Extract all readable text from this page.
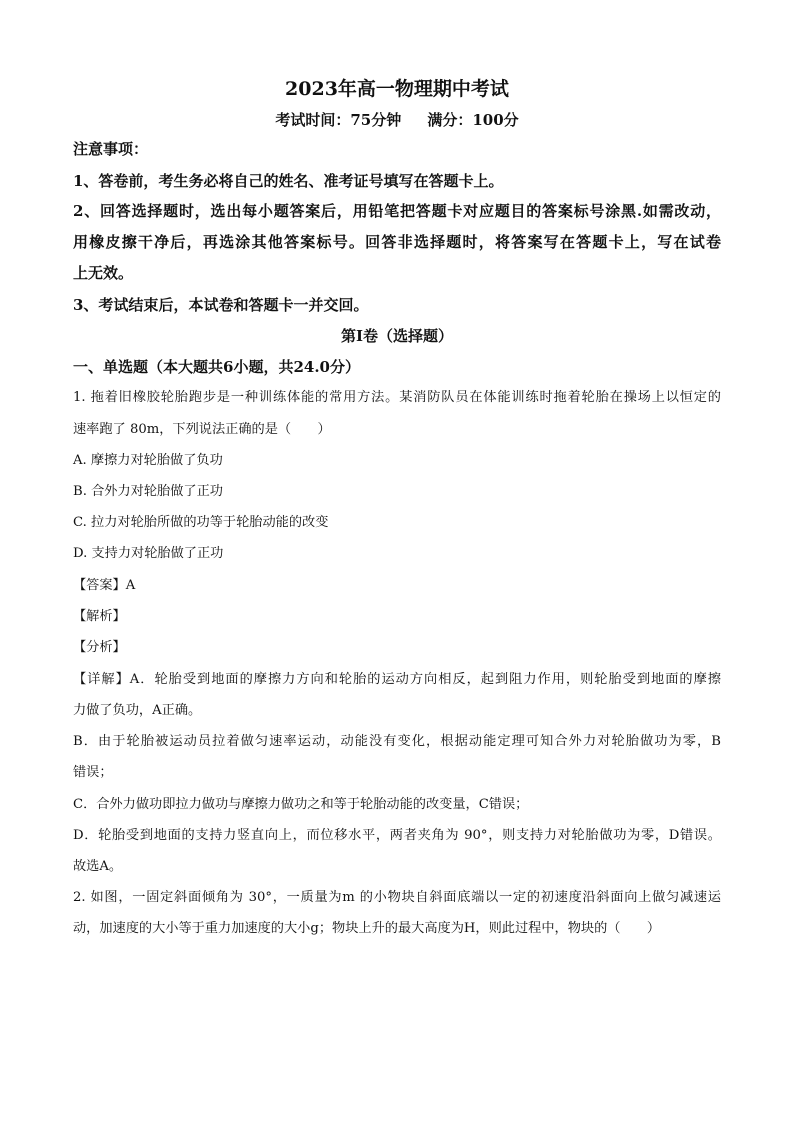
2023年高一物理期中考试
考试时间：75分钟     满分：100分
注意事项：
1、答卷前，考生务必将自己的姓名、准考证号填写在答题卡上。
2、回答选择题时，选出每小题答案后，用铅笔把答题卡对应题目的答案标号涂黑.如需改动，
用橡皮擦干净后，再选涂其他答案标号。回答非选择题时，将答案写在答题卡上，写在试卷
上无效。
3、考试结束后，本试卷和答题卡一并交回。
第I卷（选择题）
一、单选题（本大题共6小题，共24.0分）
1. 拖着旧橡胶轮胎跑步是一种训练体能的常用方法。某消防队员在体能训练时拖着轮胎在操场上以恒定的
速率跑了 80m，下列说法正确的是（　　）
A. 摩擦力对轮胎做了负功
B. 合外力对轮胎做了正功
C. 拉力对轮胎所做的功等于轮胎动能的改变
D. 支持力对轮胎做了正功
【答案】A
【解析】
【分析】
【详解】A．轮胎受到地面的摩擦力方向和轮胎的运动方向相反，起到阻力作用，则轮胎受到地面的摩擦
力做了负功，A正确。
B．由于轮胎被运动员拉着做匀速率运动，动能没有变化，根据动能定理可知合外力对轮胎做功为零，B
错误；
C．合外力做功即拉力做功与摩擦力做功之和等于轮胎动能的改变量，C错误；
D．轮胎受到地面的支持力竖直向上，而位移水平，两者夹角为 90°，则支持力对轮胎做功为零，D错误。
故选A。
2. 如图，一固定斜面倾角为 30°，一质量为m 的小物块自斜面底端以一定的初速度沿斜面向上做匀减速运
动，加速度的大小等于重力加速度的大小g；物块上升的最大高度为H，则此过程中，物块的（　　）
